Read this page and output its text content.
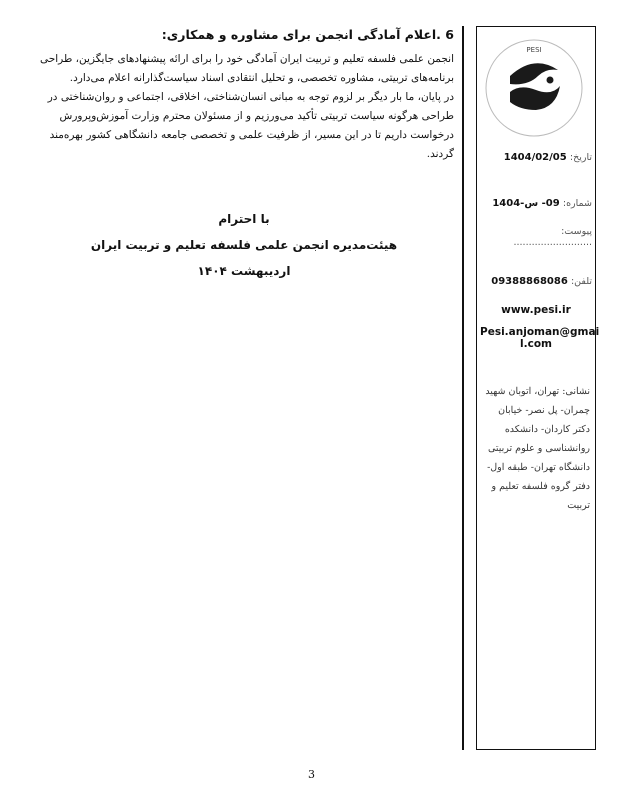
6 .اعلام آمادگی انجمن برای مشاوره و همکاری:

انجمن علمی فلسفه تعلیم و تربیت ایران آمادگی خود را برای ارائه پیشنهادهای جایگزین، طراحی برنامه‌های تربیتی، مشاوره تخصصی، و تحلیل انتقادی اسناد سیاست‌گذارانه اعلام می‌دارد.

در پایان، ما بار دیگر بر لزوم توجه به مبانی انسان‌شناختی، اخلاقی، اجتماعی و روان‌شناختی در طراحی هرگونه سیاست تربیتی تأکید می‌ورزیم و از مسئولان محترم وزارت آموزش‌وپرورش درخواست داریم تا در این مسیر، از ظرفیت علمی و تخصصی جامعه دانشگاهی کشور بهره‌مند گردند.

با احترام
هیئت‌مدیره انجمن علمی فلسفه تعلیم و تربیت ایران
اردیبهشت ۱۴۰۴
PESI
تاریخ: 1404/02/05
شماره: 09- س-1404
پیوست: ..........................
تلفن: 09388868086
www.pesi.ir
Pesi.anjoman@gmai
l.com
نشانی: تهران، اتوبان شهید چمران- پل نصر- خیابان دکتر کاردان- دانشکده روانشناسی و علوم تربیتی دانشگاه تهران- طبقه اول-دفتر گروه فلسفه تعلیم و تربیت
3
